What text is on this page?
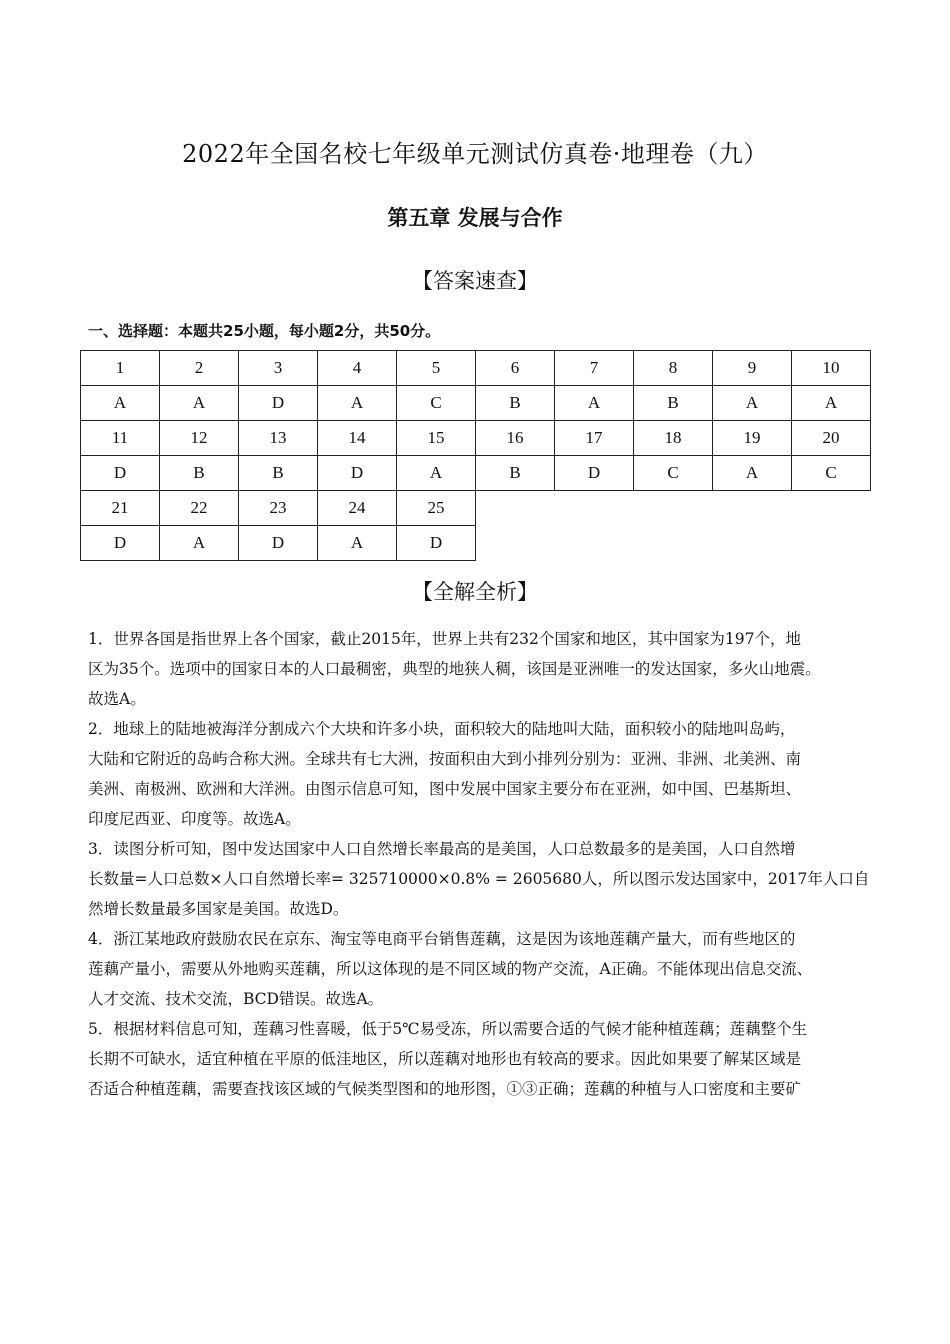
2022年全国名校七年级单元测试仿真卷·地理卷（九）
第五章 发展与合作
【答案速查】
一、选择题：本题共25小题，每小题2分，共50分。
1	2	3	4	5	6	7	8	9	10
A	A	D	A	C	B	A	B	A	A
11	12	13	14	15	16	17	18	19	20
D	B	B	D	A	B	D	C	A	C
21	22	23	24	25					
D	A	D	A	D					
【全解全析】

1．世界各国是指世界上各个国家，截止2015年，世界上共有232个国家和地区，其中国家为197个，地

区为35个。选项中的国家日本的人口最稠密，典型的地狭人稠，该国是亚洲唯一的发达国家，多火山地震。

故选A。

2．地球上的陆地被海洋分割成六个大块和许多小块，面积较大的陆地叫大陆，面积较小的陆地叫岛屿，

大陆和它附近的岛屿合称大洲。全球共有七大洲，按面积由大到小排列分别为：亚洲、非洲、北美洲、南

美洲、南极洲、欧洲和大洋洲。由图示信息可知，图中发展中国家主要分布在亚洲，如中国、巴基斯坦、

印度尼西亚、印度等。故选A。

3．读图分析可知，图中发达国家中人口自然增长率最高的是美国，人口总数最多的是美国，人口自然增

长数量=人口总数×人口自然增长率= 325710000×0.8% = 2605680人，所以图示发达国家中，2017年人口自

然增长数量最多国家是美国。故选D。

4．浙江某地政府鼓励农民在京东、淘宝等电商平台销售莲藕，这是因为该地莲藕产量大，而有些地区的

莲藕产量小，需要从外地购买莲藕，所以这体现的是不同区域的物产交流，A正确。不能体现出信息交流、

人才交流、技术交流，BCD错误。故选A。

5．根据材料信息可知，莲藕习性喜暖，低于5℃易受冻，所以需要合适的气候才能种植莲藕；莲藕整个生

长期不可缺水，适宜种植在平原的低洼地区，所以莲藕对地形也有较高的要求。因此如果要了解某区域是

否适合种植莲藕，需要查找该区域的气候类型图和的地形图，①③正确；莲藕的种植与人口密度和主要矿
